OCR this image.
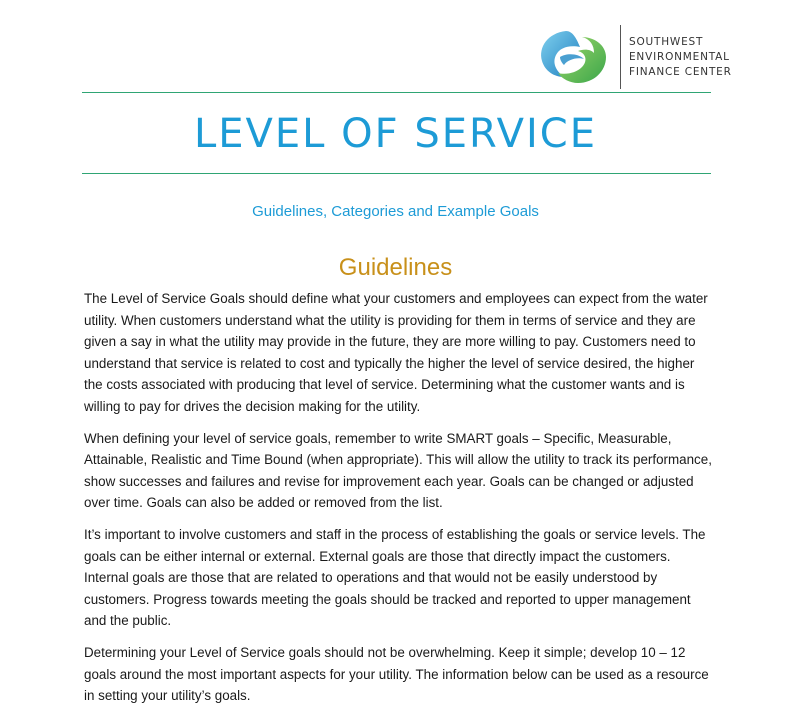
SOUTHWEST
ENVIRONMENTAL
FINANCE CENTER
LEVEL OF SERVICE
Guidelines, Categories and Example Goals
Guidelines

The Level of Service Goals should define what your customers and employees can expect from the water utility. When customers understand what the utility is providing for them in terms of service and they are given a say in what the utility may provide in the future, they are more willing to pay. Customers need to understand that service is related to cost and typically the higher the level of service desired, the higher the costs associated with producing that level of service. Determining what the customer wants and is willing to pay for drives the decision making for the utility.

When defining your level of service goals, remember to write SMART goals – Specific, Measurable, Attainable, Realistic and Time Bound (when appropriate). This will allow the utility to track its performance, show successes and failures and revise for improvement each year. Goals can be changed or adjusted over time. Goals can also be added or removed from the list.

It’s important to involve customers and staff in the process of establishing the goals or service levels. The goals can be either internal or external. External goals are those that directly impact the customers. Internal goals are those that are related to operations and that would not be easily understood by customers. Progress towards meeting the goals should be tracked and reported to upper management and the public.

Determining your Level of Service goals should not be overwhelming. Keep it simple; develop 10 – 12 goals around the most important aspects for your utility. The information below can be used as a resource in setting your utility’s goals.
